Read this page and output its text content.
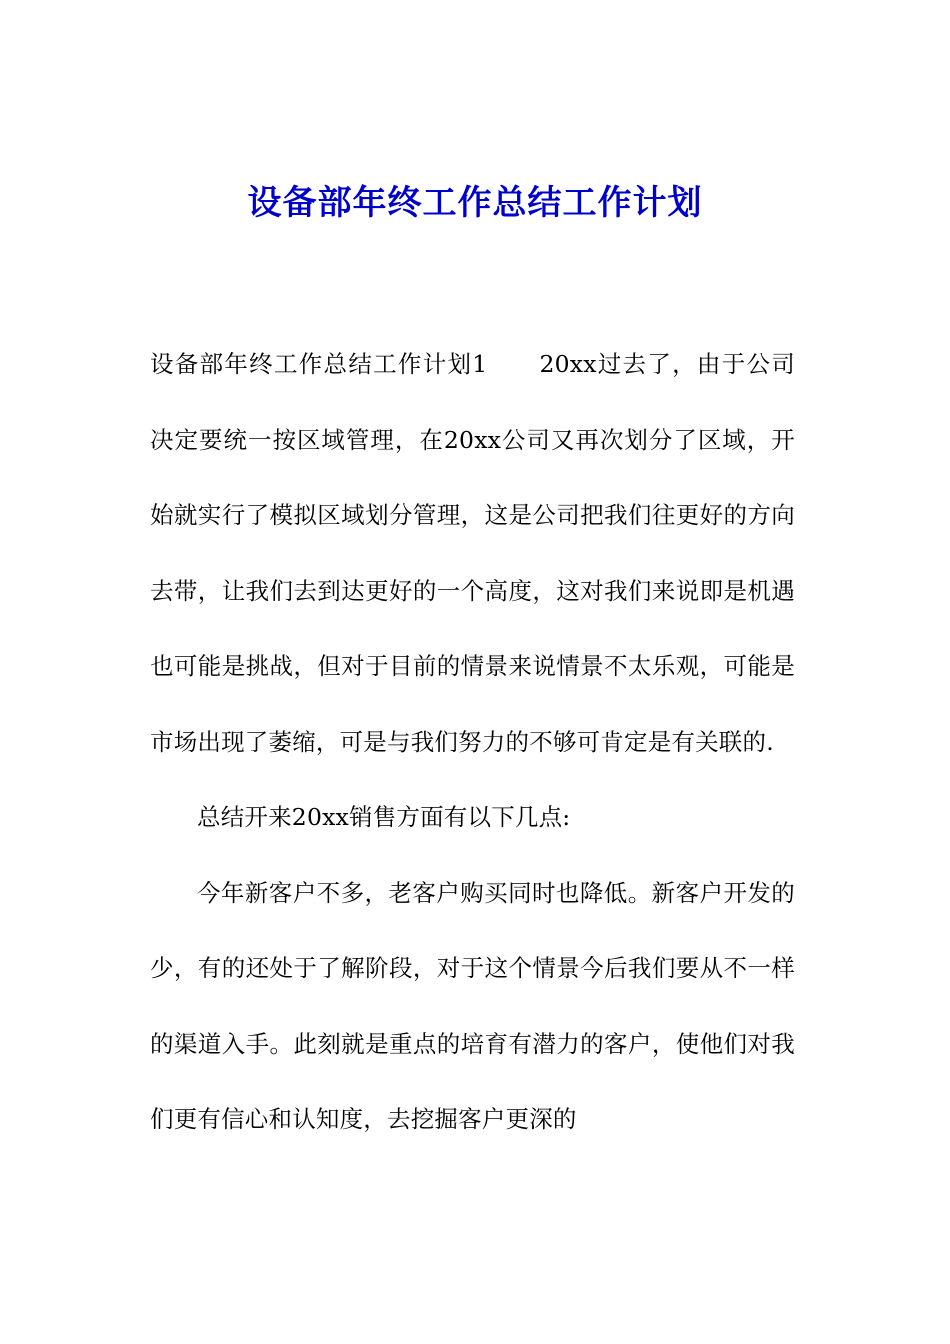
设备部年终工作总结工作计划

设备部年终工作总结工作计划1 20xx过去了，由于公司决定要统一按区域管理，在20xx公司又再次划分了区域，开始就实行了模拟区域划分管理，这是公司把我们往更好的方向去带，让我们去到达更好的一个高度，这对我们来说即是机遇也可能是挑战，但对于目前的情景来说情景不太乐观，可能是市场出现了萎缩，可是与我们努力的不够可肯定是有关联的.

总结开来20xx销售方面有以下几点:

今年新客户不多，老客户购买同时也降低。新客户开发的少，有的还处于了解阶段，对于这个情景今后我们要从不一样的渠道入手。此刻就是重点的培育有潜力的客户，使他们对我们更有信心和认知度，去挖掘客户更深的
